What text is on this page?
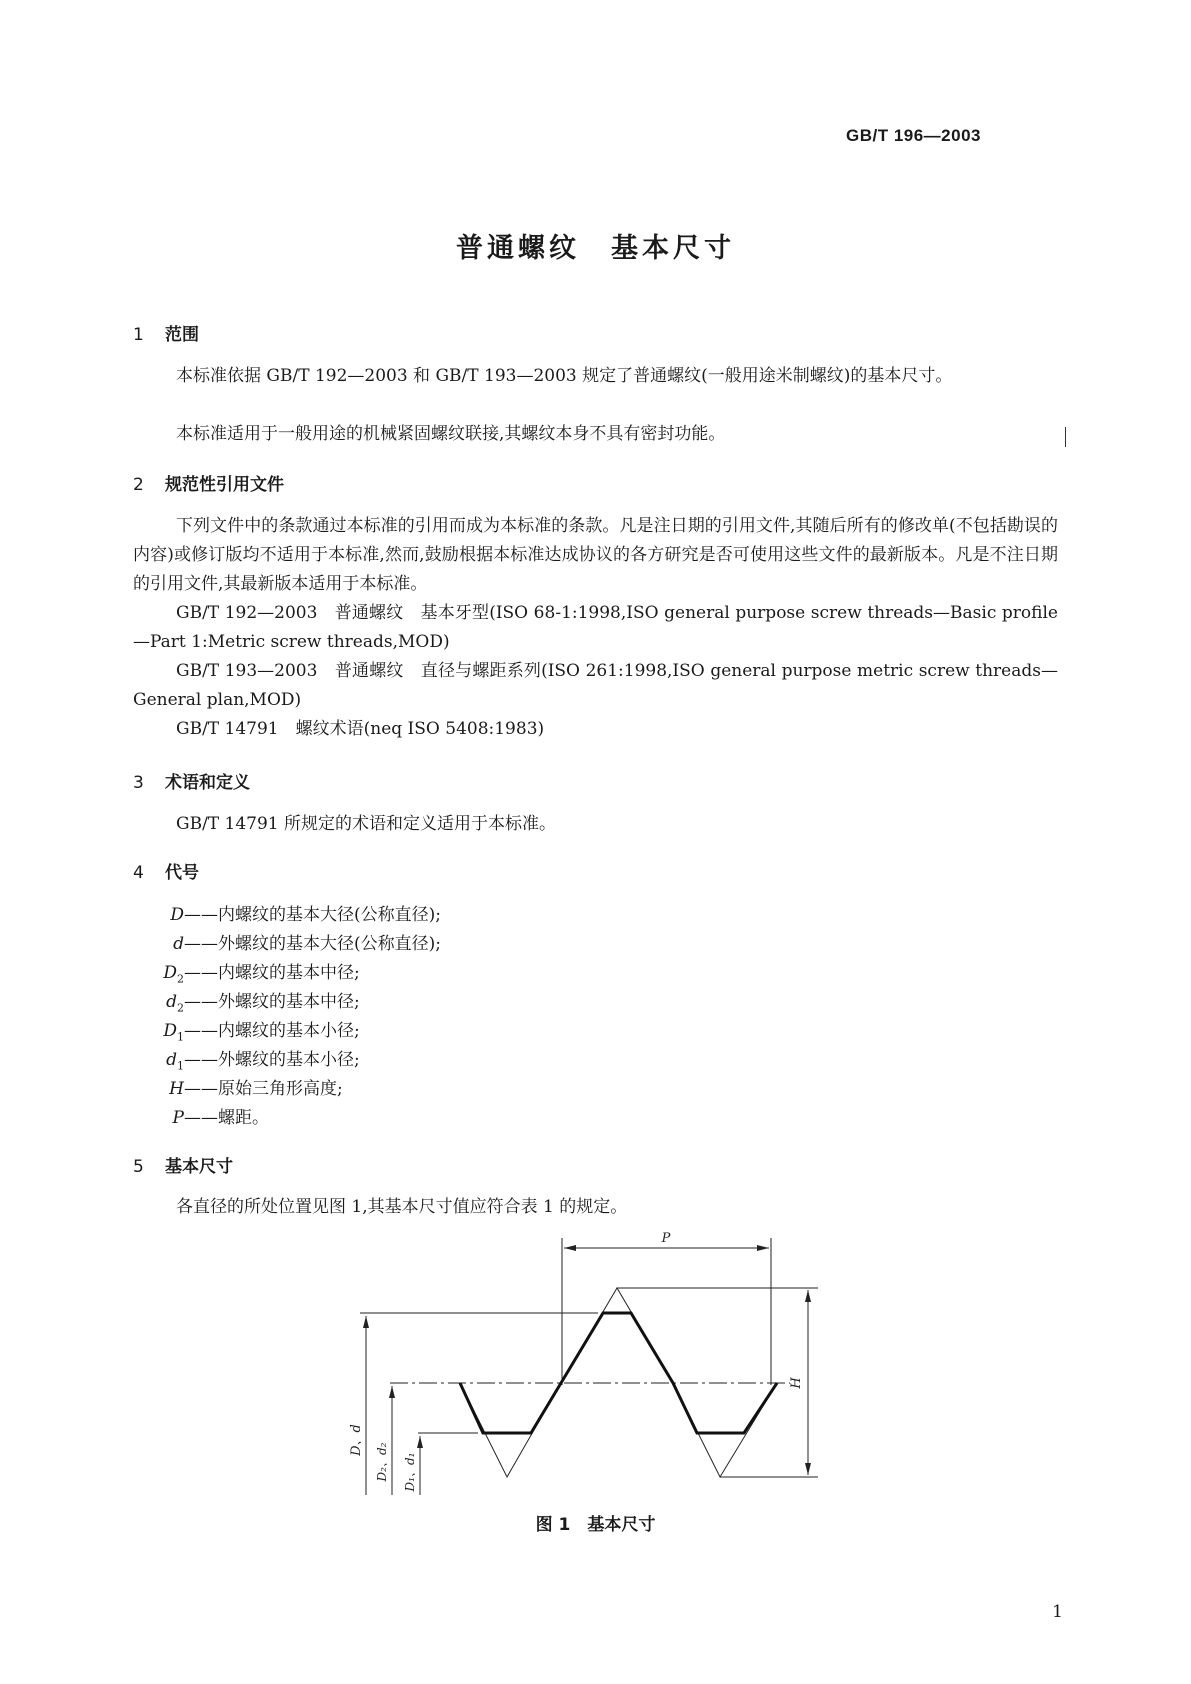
GB/T 196—2003
普通螺纹　基本尺寸
1 范围
本标准依据 GB/T 192—2003 和 GB/T 193—2003 规定了普通螺纹(一般用途米制螺纹)的基本尺寸。
本标准适用于一般用途的机械紧固螺纹联接,其螺纹本身不具有密封功能。
2 规范性引用文件
下列文件中的条款通过本标准的引用而成为本标准的条款。凡是注日期的引用文件,其随后所有的修改单(不包括勘误的内容)或修订版均不适用于本标准,然而,鼓励根据本标准达成协议的各方研究是否可使用这些文件的最新版本。凡是不注日期的引用文件,其最新版本适用于本标准。
GB/T 192—2003　普通螺纹　基本牙型(ISO 68-1:1998,ISO general purpose screw threads—Basic profile—Part 1:Metric screw threads,MOD)
GB/T 193—2003　普通螺纹　直径与螺距系列(ISO 261:1998,ISO general purpose metric screw threads—General plan,MOD)
GB/T 14791　螺纹术语(neq ISO 5408:1983)
3 术语和定义
GB/T 14791 所规定的术语和定义适用于本标准。
4 代号
D——内螺纹的基本大径(公称直径);
d——外螺纹的基本大径(公称直径);
$D_2——$内螺纹的基本中径;
$d_2——$外螺纹的基本中径;
$D_1——$内螺纹的基本小径;
$d_1——$外螺纹的基本小径;
H——原始三角形高度;
P——螺距。
5 基本尺寸
各直径的所处位置见图 1,其基本尺寸值应符合表 1 的规定。
P
H
D、d
D₂、d₂ D₁、d₁
图 1　基本尺寸
1
